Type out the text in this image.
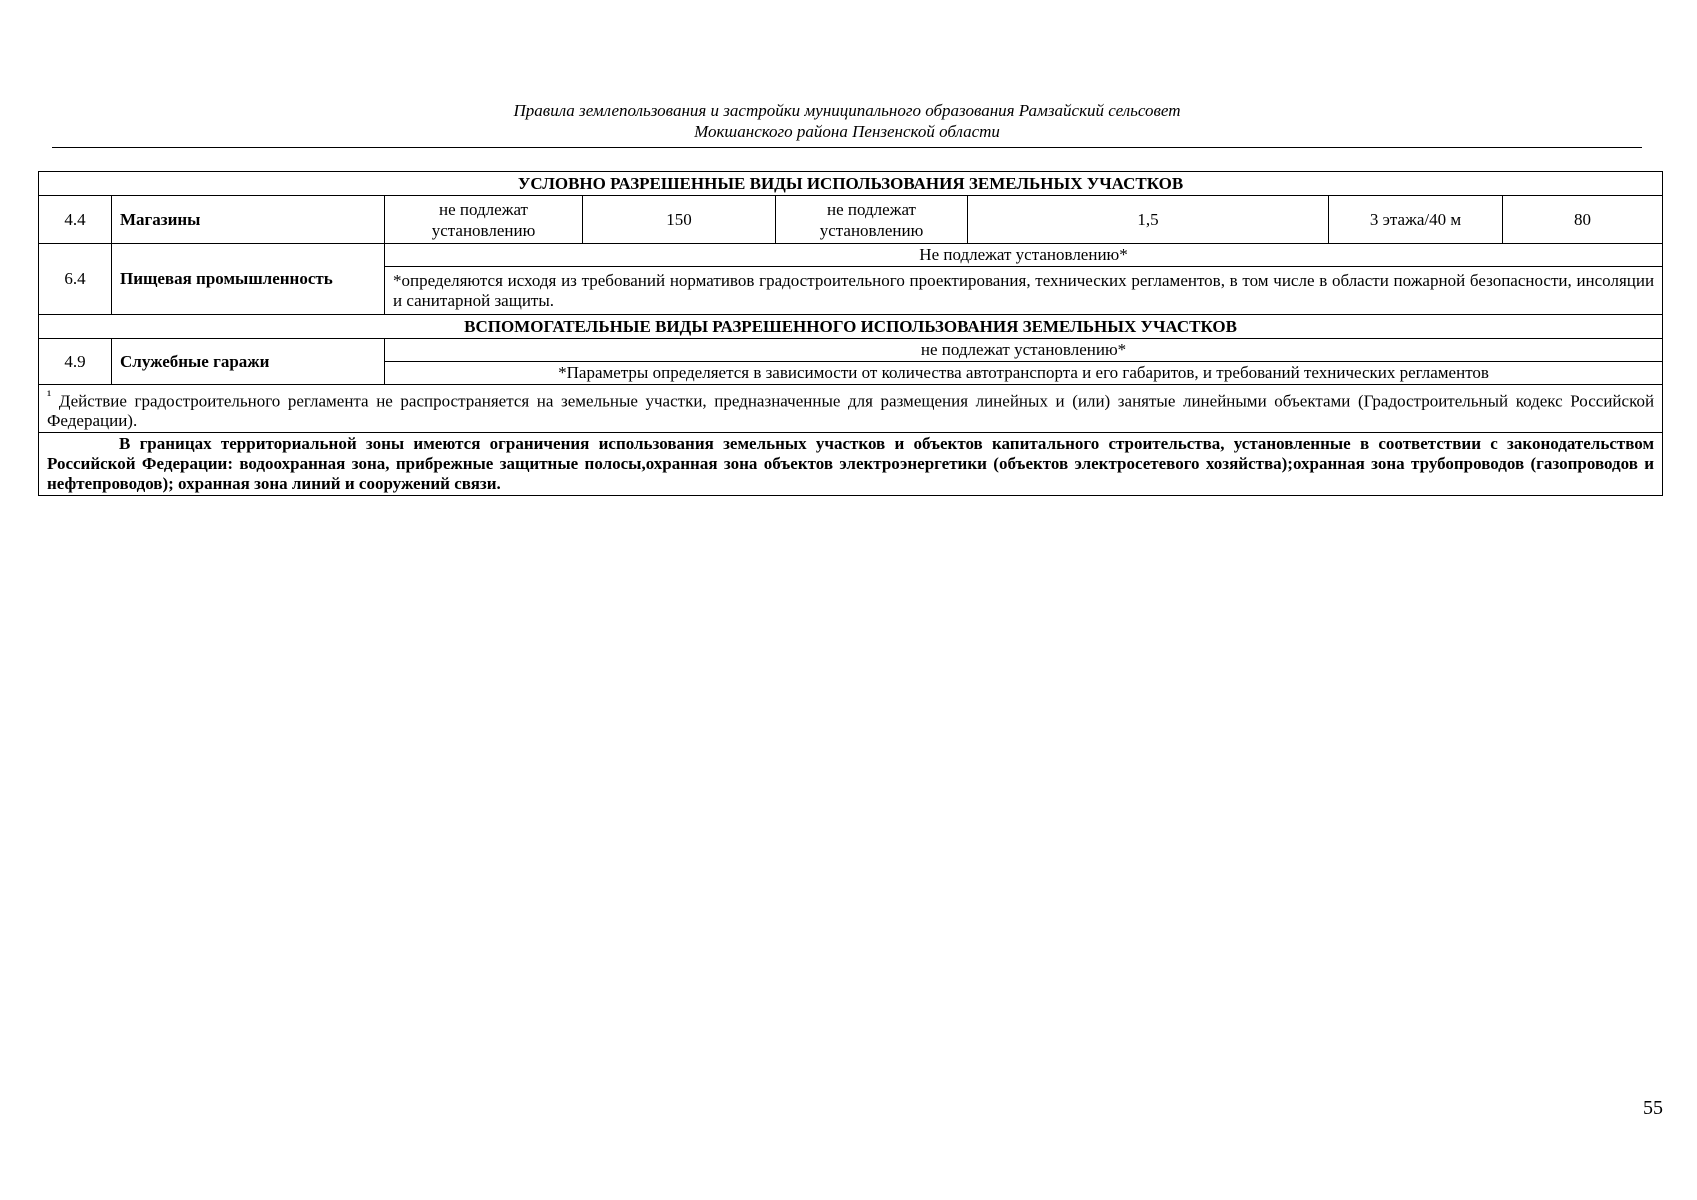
Правила землепользования и застройки муниципального образования Рамзайский сельсовет
Мокшанского района Пензенской области
УСЛОВНО РАЗРЕШЕННЫЕ ВИДЫ ИСПОЛЬЗОВАНИЯ ЗЕМЕЛЬНЫХ УЧАСТКОВ							
4.4	Магазины	не подлежат установлению	150	не подлежат установлению	1,5	3 этажа/40 м	80
6.4	Пищевая промышленность	Не подлежат установлению*					
		*определяются исходя из требований нормативов градостроительного проектирования, технических регламентов, в том числе в области пожарной безопасности, инсоляции и санитарной защиты.					
ВСПОМОГАТЕЛЬНЫЕ ВИДЫ РАЗРЕШЕННОГО ИСПОЛЬЗОВАНИЯ ЗЕМЕЛЬНЫХ УЧАСТКОВ							
4.9	Служебные гаражи	не подлежат установлению*					
		*Параметры определяется в зависимости от количества автотранспорта и его габаритов, и требований технических регламентов					
$^{^1}$ Действие градостроительного регламента не распространяется на земельные участки, предназначенные для размещения линейных и (или) занятые линейными объектами (Градостроительный кодекс Российской Федерации).							
В границах территориальной зоны имеются ограничения использования земельных участков и объектов капитального строительства, установленные в соответствии с законодательством Российской Федерации: водоохранная зона, прибрежные защитные полосы,охранная зона объектов электроэнергетики (объектов электросетевого хозяйства);охранная зона трубопроводов (газопроводов и нефтепроводов); охранная зона линий и сооружений связи.							
55
